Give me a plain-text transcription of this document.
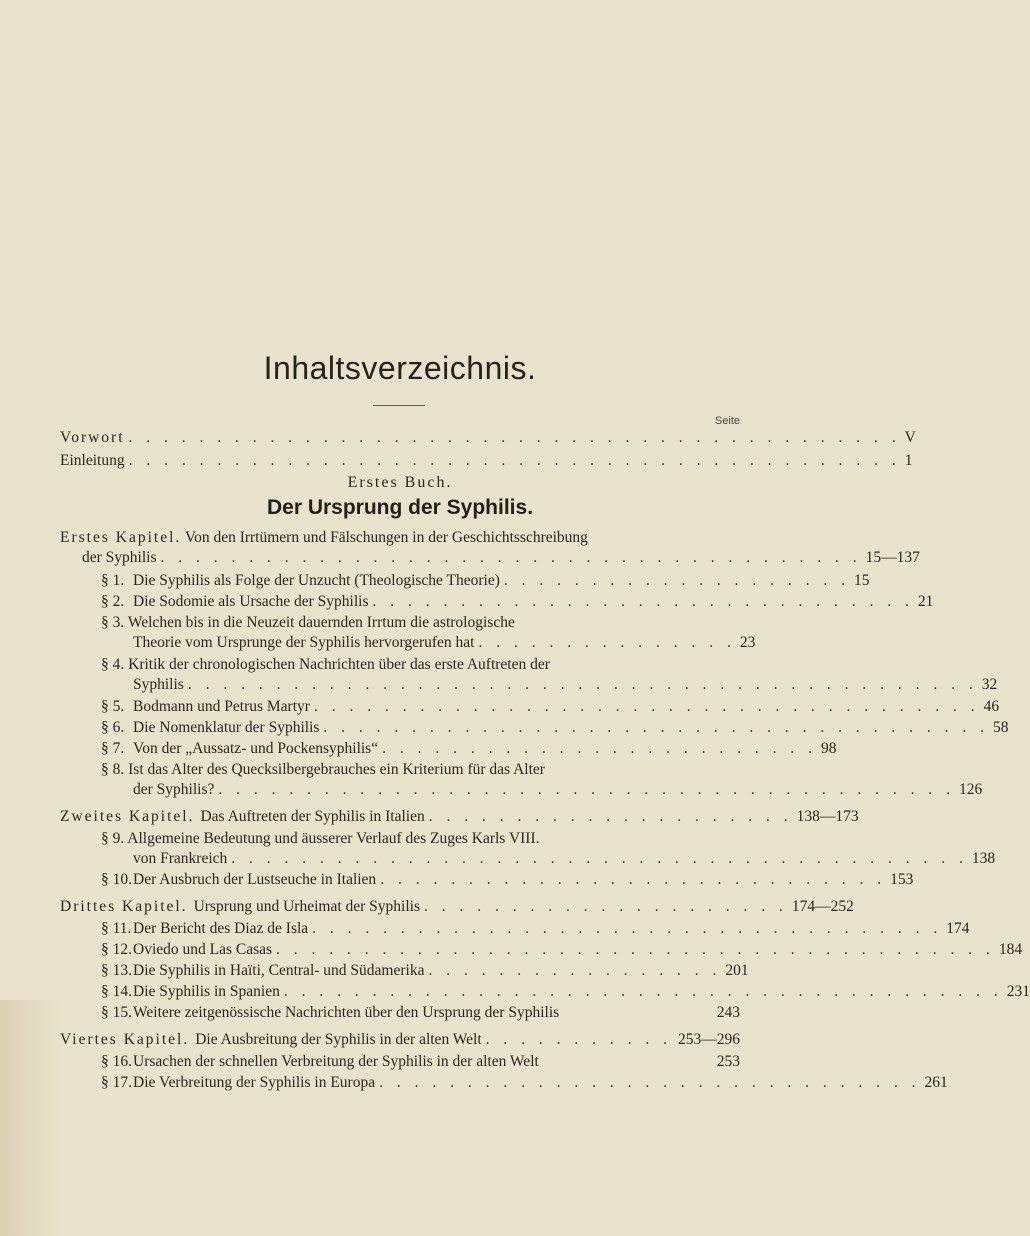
Inhaltsverzeichnis.
Seite
Vorwort . . . . . . . . . . . . . . . . . . . . . . . . . . . . . . . . . . . . . . . . . . . . V
Einleitung . . . . . . . . . . . . . . . . . . . . . . . . . . . . . . . . . . . . . . . . . . . . 1
Erstes Buch.
Der Ursprung der Syphilis.
Erstes Kapitel. Von den Irrtümern und Fälschungen in der Geschichtsschreibung
der Syphilis . . . . . . . . . . . . . . . . . . . . . . . . . . . . . . . . . . . . . . . . 15—137
§ 1. Die Syphilis als Folge der Unzucht (Theologische Theorie) . . . . . . . . . . . . . . . . . . . . 15
§ 2. Die Sodomie als Ursache der Syphilis . . . . . . . . . . . . . . . . . . . . . . . . . . . . . . . 21
§ 3. Welchen bis in die Neuzeit dauernden Irrtum die astrologische
Theorie vom Ursprunge der Syphilis hervorgerufen hat . . . . . . . . . . . . . . . 23
§ 4. Kritik der chronologischen Nachrichten über das erste Auftreten der
Syphilis . . . . . . . . . . . . . . . . . . . . . . . . . . . . . . . . . . . . . . . . . . . . . 32
§ 5. Bodmann und Petrus Martyr . . . . . . . . . . . . . . . . . . . . . . . . . . . . . . . . . . . . . . 46
§ 6. Die Nomenklatur der Syphilis . . . . . . . . . . . . . . . . . . . . . . . . . . . . . . . . . . . . . . 58
§ 7. Von der „Aussatz- und Pockensyphilis“ . . . . . . . . . . . . . . . . . . . . . . . . . 98
§ 8. Ist das Alter des Quecksilbergebrauches ein Kriterium für das Alter
der Syphilis? . . . . . . . . . . . . . . . . . . . . . . . . . . . . . . . . . . . . . . . . . . 126
Zweites Kapitel. Das Auftreten der Syphilis in Italien . . . . . . . . . . . . . . . . . . . . . 138—173
§ 9. Allgemeine Bedeutung und äusserer Verlauf des Zuges Karls VIII.
von Frankreich . . . . . . . . . . . . . . . . . . . . . . . . . . . . . . . . . . . . . . . . . . 138
§ 10. Der Ausbruch der Lustseuche in Italien . . . . . . . . . . . . . . . . . . . . . . . . . . . . . 153
Drittes Kapitel. Ursprung und Urheimat der Syphilis . . . . . . . . . . . . . . . . . . . . . 174—252
§ 11. Der Bericht des Diaz de Isla . . . . . . . . . . . . . . . . . . . . . . . . . . . . . . . . . . . . 174
§ 12. Oviedo und Las Casas . . . . . . . . . . . . . . . . . . . . . . . . . . . . . . . . . . . . . . . . . 184
§ 13. Die Syphilis in Haïti, Central- und Südamerika . . . . . . . . . . . . . . . . . 201
§ 14. Die Syphilis in Spanien . . . . . . . . . . . . . . . . . . . . . . . . . . . . . . . . . . . . . . . . . 231
§ 15. Weitere zeitgenössische Nachrichten über den Ursprung der Syphilis	243
Viertes Kapitel. Die Ausbreitung der Syphilis in der alten Welt . . . . . . . . . . . 253—296
§ 16. Ursachen der schnellen Verbreitung der Syphilis in der alten Welt	253
§ 17. Die Verbreitung der Syphilis in Europa . . . . . . . . . . . . . . . . . . . . . . . . . . . . . . . 261
